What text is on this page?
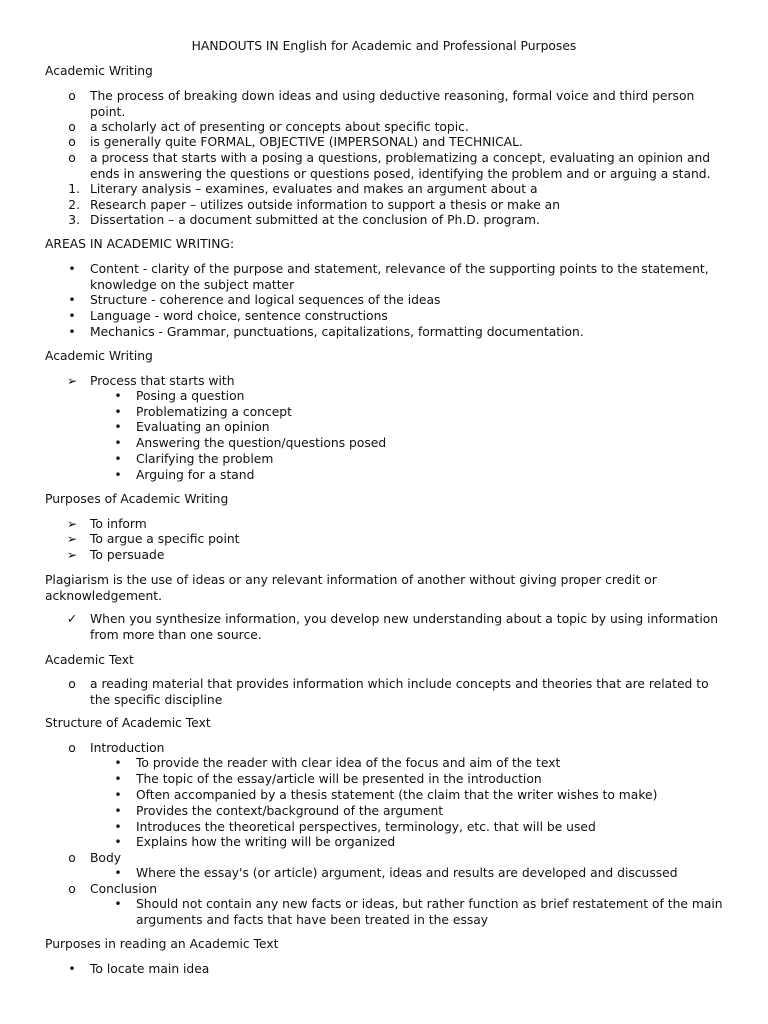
HANDOUTS IN English for Academic and Professional Purposes
Academic Writing
o	The process of breaking down ideas and using deductive reasoning, formal voice and third person point.
o	a scholarly act of presenting or concepts about specific topic.
o	is generally quite FORMAL, OBJECTIVE (IMPERSONAL) and TECHNICAL.
o	a process that starts with a posing a questions, problematizing a concept, evaluating an opinion and ends in answering the questions or questions posed, identifying the problem and or arguing a stand.
1. Literary analysis – examines, evaluates and makes an argument about a
2. Research paper – utilizes outside information to support a thesis or make an
3. Dissertation – a document submitted at the conclusion of Ph.D. program.
AREAS IN ACADEMIC WRITING:
•	Content - clarity of the purpose and statement, relevance of the supporting points to the statement, knowledge on the subject matter
•	Structure - coherence and logical sequences of the ideas
•	Language - word choice, sentence constructions
•	Mechanics - Grammar, punctuations, capitalizations, formatting documentation.
Academic Writing
➢ Process that starts with
•	Posing a question
•	Problematizing a concept
•	Evaluating an opinion
•	Answering the question/questions posed
•	Clarifying the problem
•	Arguing for a stand
Purposes of Academic Writing
➢ To inform
➢ To argue a specific point
➢ To persuade
Plagiarism is the use of ideas or any relevant information of another without giving proper credit or acknowledgement.
✓ When you synthesize information, you develop new understanding about a topic by using information from more than one source.
Academic Text
o	a reading material that provides information which include concepts and theories that are related to the specific discipline
Structure of Academic Text
o	Introduction
•	To provide the reader with clear idea of the focus and aim of the text
•	The topic of the essay/article will be presented in the introduction
•	Often accompanied by a thesis statement (the claim that the writer wishes to make)
•	Provides the context/background of the argument
•	Introduces the theoretical perspectives, terminology, etc. that will be used
•	Explains how the writing will be organized
o	Body
•	Where the essay's (or article) argument, ideas and results are developed and discussed
o	Conclusion
•	Should not contain any new facts or ideas, but rather function as brief restatement of the main arguments and facts that have been treated in the essay
Purposes in reading an Academic Text
•	To locate main idea
